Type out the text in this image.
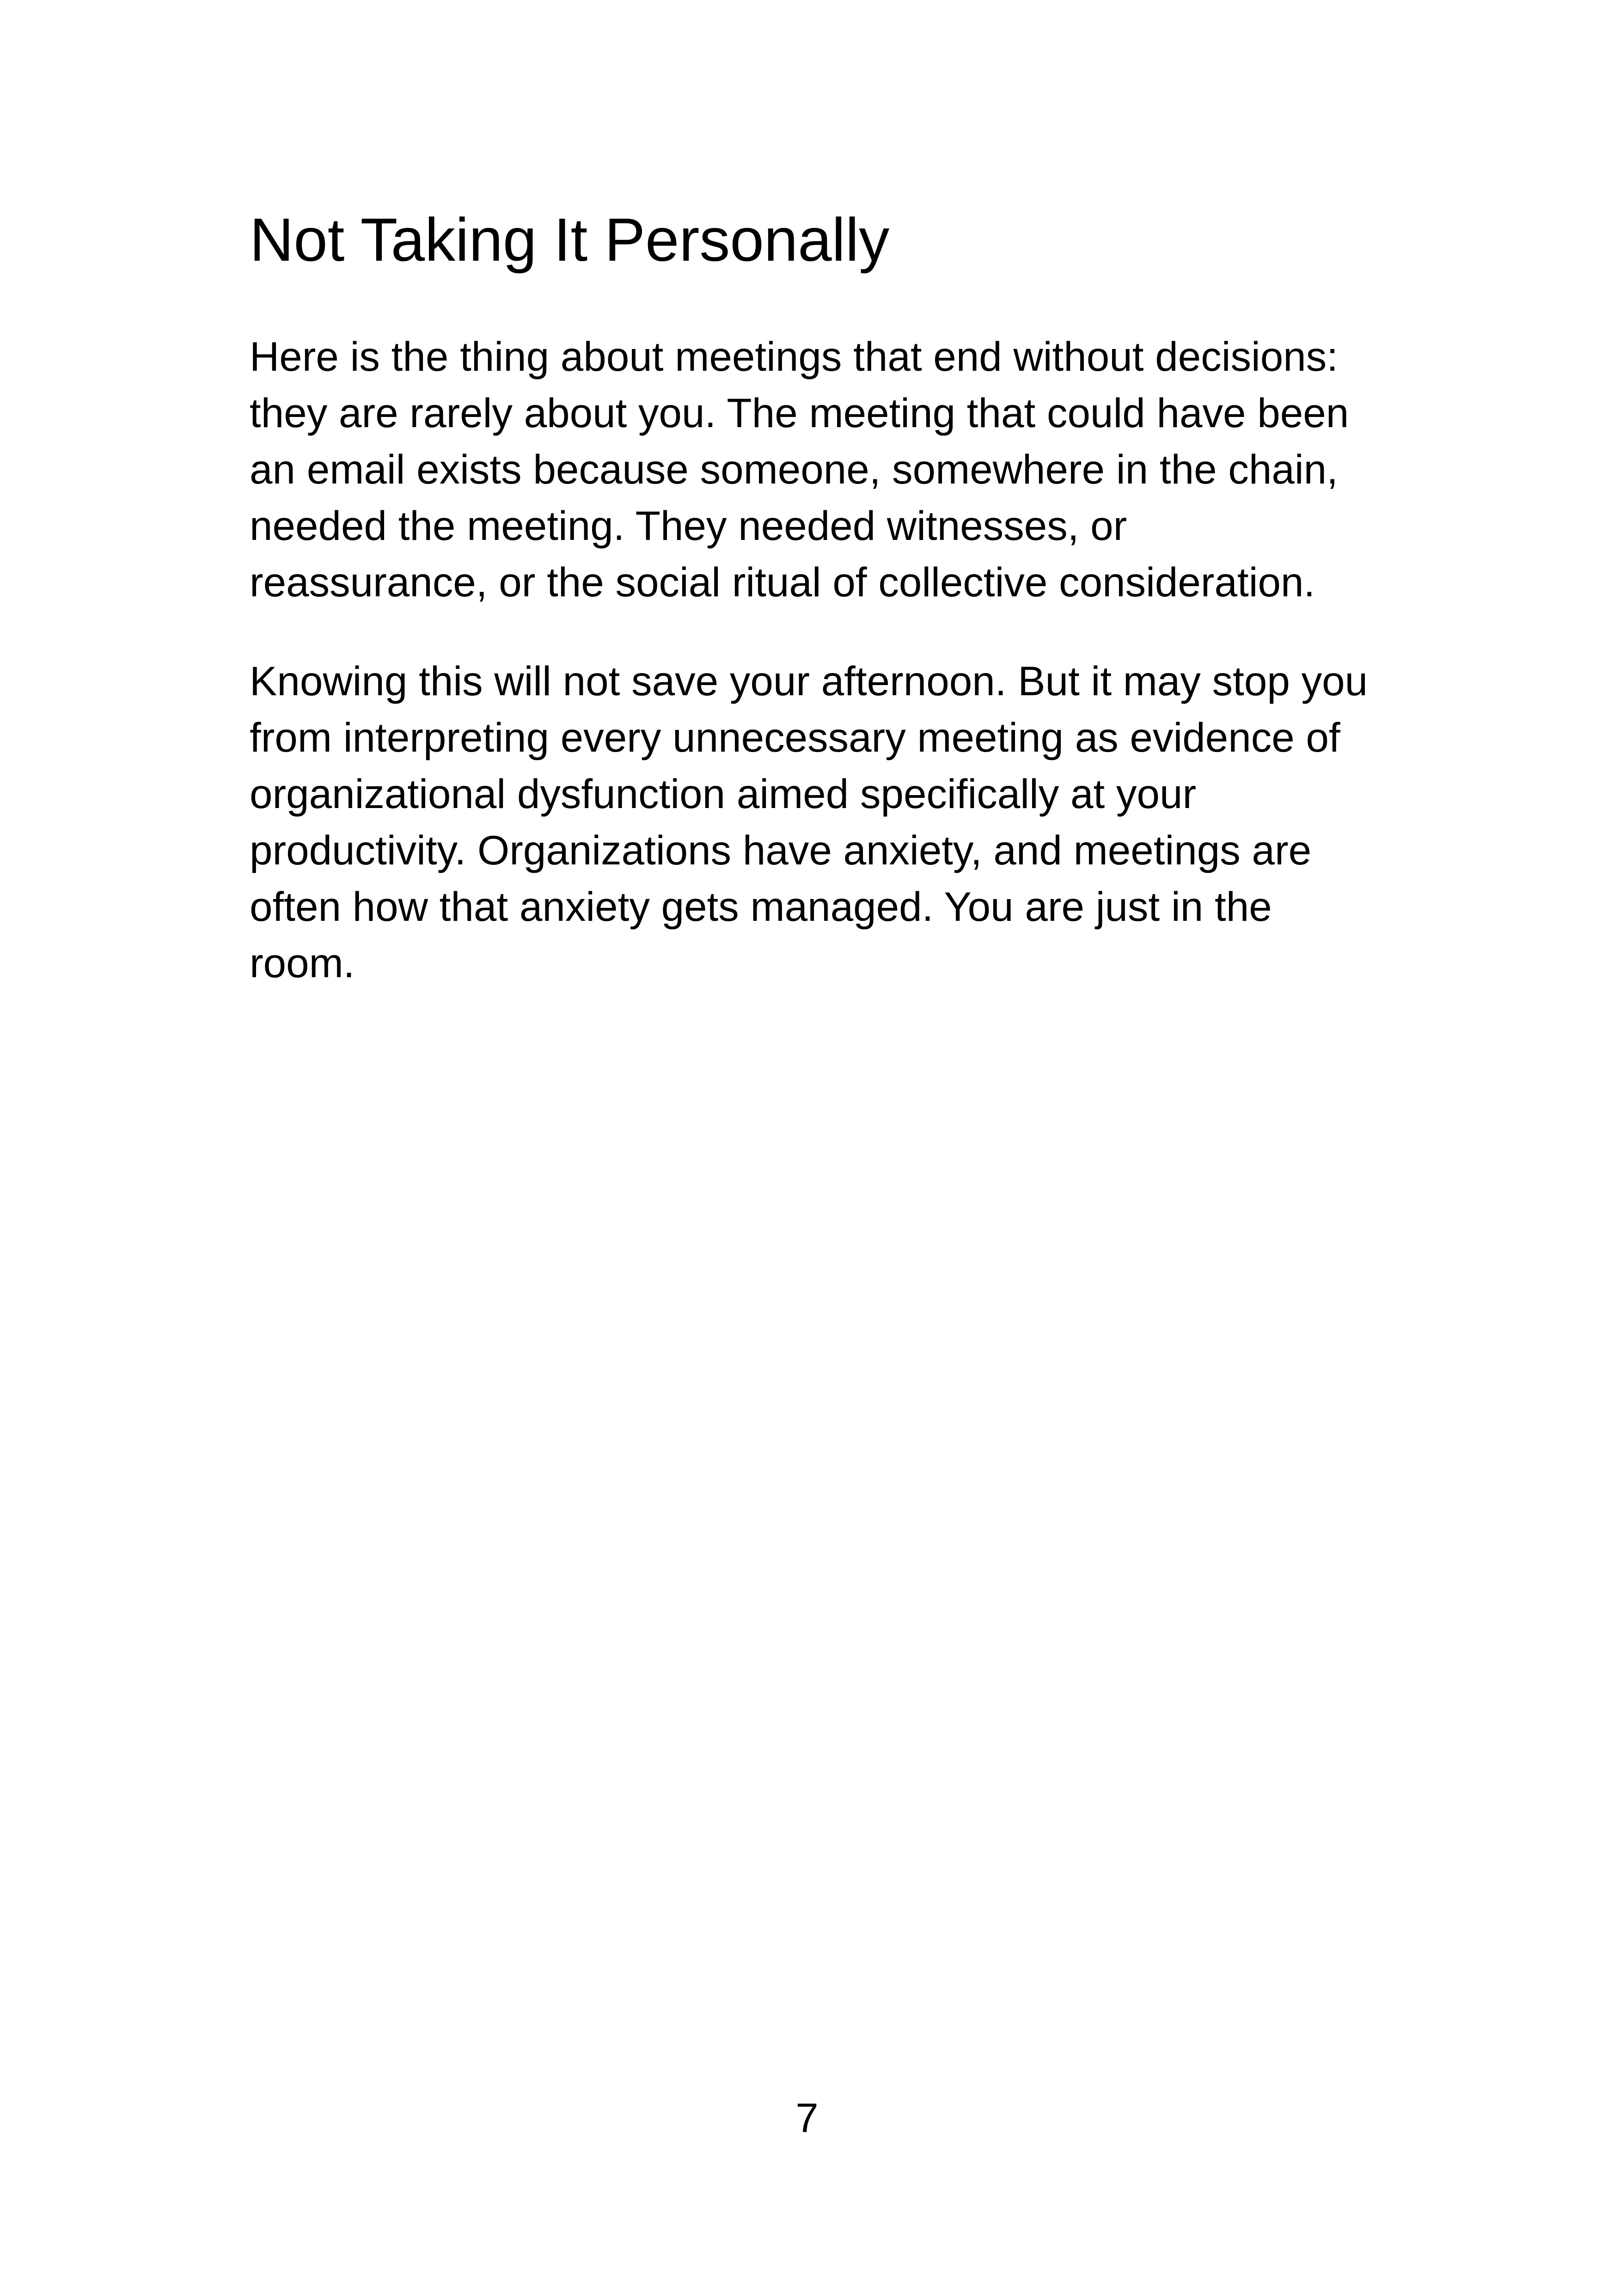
Not Taking It Personally

Here is the thing about meetings that end without decisions:
they are rarely about you. The meeting that could have been
an email exists because someone, somewhere in the chain,
needed the meeting. They needed witnesses, or
reassurance, or the social ritual of collective consideration.

Knowing this will not save your afternoon. But it may stop you
from interpreting every unnecessary meeting as evidence of
organizational dysfunction aimed specifically at your
productivity. Organizations have anxiety, and meetings are
often how that anxiety gets managed. You are just in the
room.

7
